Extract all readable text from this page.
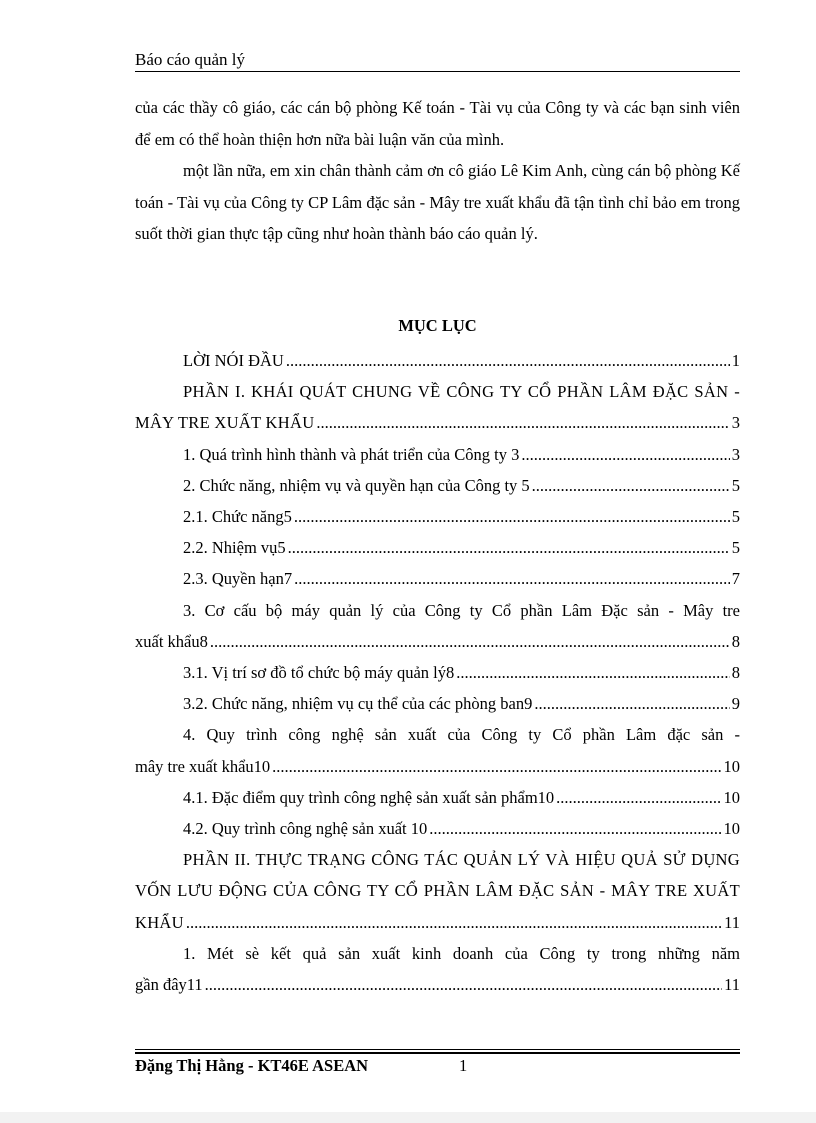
Báo cáo quản lý

của các thầy cô giáo, các cán bộ phòng Kế toán - Tài vụ của Công ty và các bạn sinh viên để em có thể hoàn thiện hơn nữa bài luận văn của mình.

một lần nữa, em xin chân thành cảm ơn cô giáo Lê Kim Anh, cùng cán bộ phòng Kế toán - Tài vụ của Công ty CP Lâm đặc sản - Mây tre xuất khẩu đã tận tình chỉ bảo em trong suốt thời gian thực tập cũng như hoàn thành báo cáo quản lý.

MỤC LỤC
LỜI NÓI ĐẦU .....	1
PHẦN I. KHÁI QUÁT CHUNG VỀ CÔNG TY CỔ PHẦN LÂM ĐẶC SẢN -
MÂY TRE XUẤT KHẨU .....	3
1. Quá trình hình thành và phát triển của Công ty 3 .....	3
2. Chức năng, nhiệm vụ và quyền hạn của Công ty 5 .....	5
2.1. Chức năng5 .....	5
2.2. Nhiệm vụ5 .....	5
2.3. Quyền hạn7 .....	7
3. Cơ cấu bộ máy quản lý của Công ty Cổ phần Lâm Đặc sản - Mây tre
xuất khẩu8 .....	8
3.1. Vị trí sơ đồ tổ chức bộ máy quản lý8 .....	8
3.2. Chức năng, nhiệm vụ cụ thể của các phòng ban9 .....	9
4. Quy trình công nghệ sản xuất của Công ty Cổ phần Lâm đặc sản -
mây tre xuất khẩu10 .....	10
4.1. Đặc điểm quy trình công nghệ sản xuất sản phẩm10 .....	10
4.2. Quy trình công nghệ sản xuất 10 .....	10
PHẦN II. THỰC TRẠNG CÔNG TÁC QUẢN LÝ VÀ HIỆU QUẢ SỬ DỤNG
VỐN LƯU ĐỘNG CỦA CÔNG TY CỔ PHẦN LÂM ĐẶC SẢN - MÂY TRE XUẤT
KHẨU .....	11
1. Mét sè kết quả sản xuất kinh doanh của Công ty trong những năm
gần đây11 .....	11
Đặng Thị Hằng - KT46E ASEAN	1
